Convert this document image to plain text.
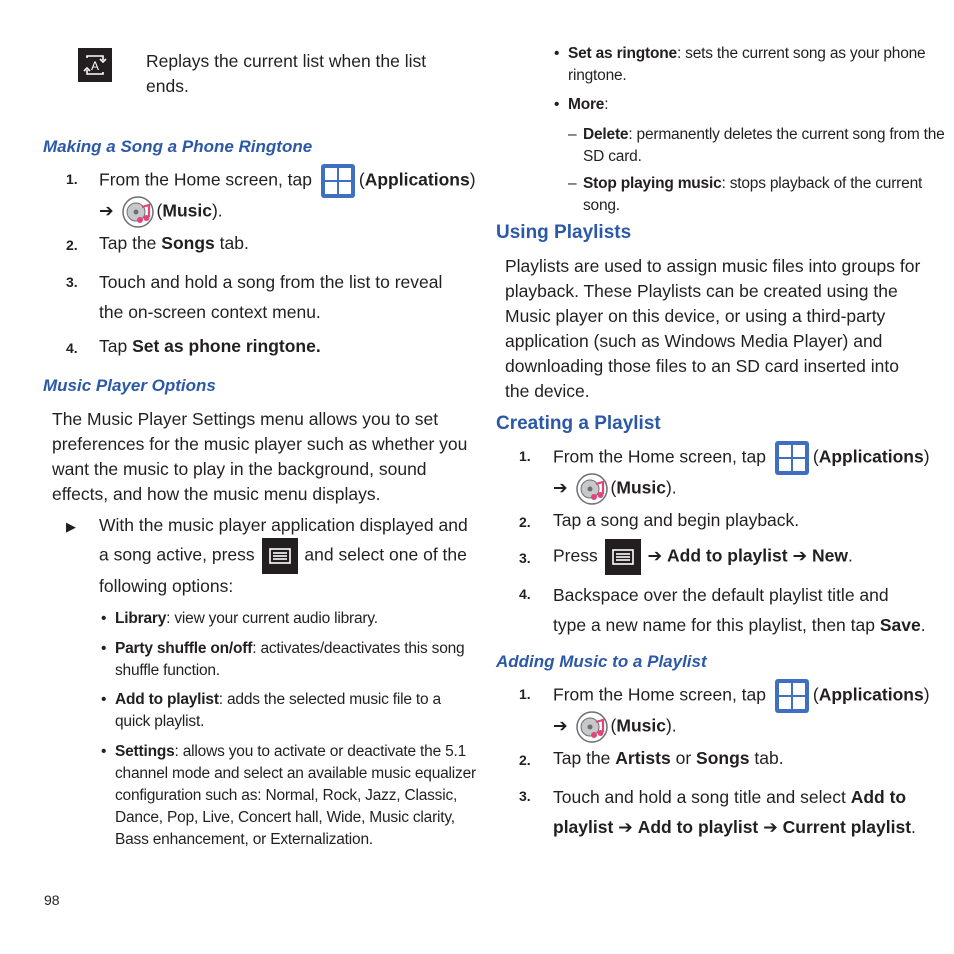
A	Replays the current list when the list ends.
Making a Song a Phone Ringtone
1. From the Home screen, tap	(Applications)
➔ (Music).
2. Tap the Songs tab.
3. Touch and hold a song from the list to reveal
the on-screen context menu.
4. Tap Set as phone ringtone.
Music Player Options
The Music Player Settings menu allows you to set
preferences for the music player such as whether you
want the music to play in the background, sound
effects, and how the music menu displays.
▶ With the music player application displayed and
a song active, press	and select one of the
following options:
• Library: view your current audio library.
• Party shuffle on/off: activates/deactivates this song
shuffle function.
• Add to playlist: adds the selected music file to a
quick playlist.
• Settings: allows you to activate or deactivate the 5.1
channel mode and select an available music equalizer
configuration such as: Normal, Rock, Jazz, Classic,
Dance, Pop, Live, Concert hall, Wide, Music clarity,
Bass enhancement, or Externalization.
98
• Set as ringtone: sets the current song as your phone
ringtone.
• More:
– Delete: permanently deletes the current song from the
SD card.
– Stop playing music: stops playback of the current
song.
Using Playlists
Playlists are used to assign music files into groups for
playback. These Playlists can be created using the
Music player on this device, or using a third-party
application (such as Windows Media Player) and
downloading those files to an SD card inserted into
the device.
Creating a Playlist
1. From the Home screen, tap	(Applications)
➔ (Music).
2. Tap a song and begin playback.
3. Press	➔ Add to playlist ➔ New.
4. Backspace over the default playlist title and
type a new name for this playlist, then tap Save.
Adding Music to a Playlist
1. From the Home screen, tap	(Applications)
➔ (Music).
2. Tap the Artists or Songs tab.
3. Touch and hold a song title and select Add to
playlist ➔ Add to playlist ➔ Current playlist.
